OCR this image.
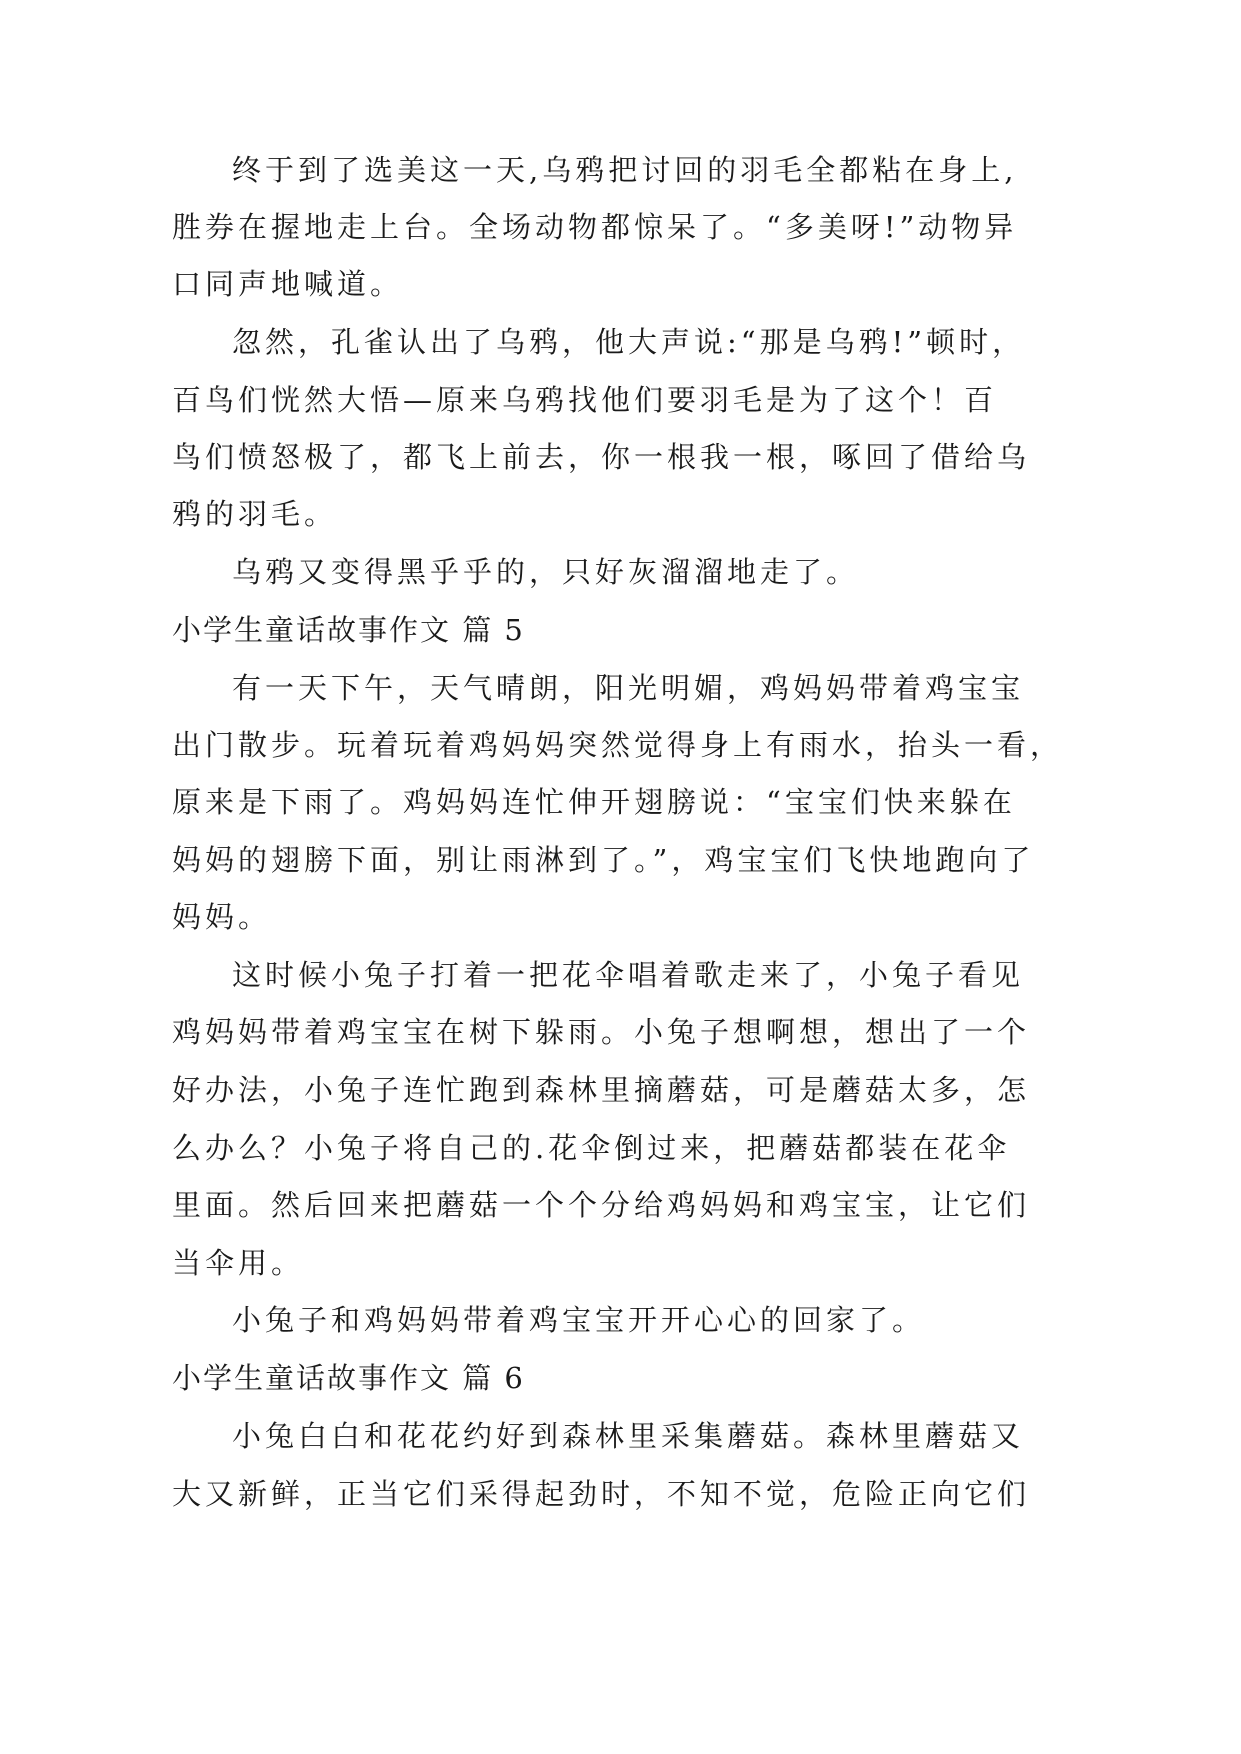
终于到了选美这一天,乌鸦把讨回的羽毛全都粘在身上,
胜券在握地走上台。全场动物都惊呆了。“多美呀!”动物异
口同声地喊道。
忽然，孔雀认出了乌鸦，他大声说:“那是乌鸦!”顿时，
百鸟们恍然大悟—原来乌鸦找他们要羽毛是为了这个！百
鸟们愤怒极了，都飞上前去，你一根我一根，啄回了借给乌
鸦的羽毛。
乌鸦又变得黑乎乎的，只好灰溜溜地走了。
小学生童话故事作文 篇 5
有一天下午，天气晴朗，阳光明媚，鸡妈妈带着鸡宝宝
出门散步。玩着玩着鸡妈妈突然觉得身上有雨水，抬头一看，
原来是下雨了。鸡妈妈连忙伸开翅膀说：“宝宝们快来躲在
妈妈的翅膀下面，别让雨淋到了。”，鸡宝宝们飞快地跑向了
妈妈。
这时候小兔子打着一把花伞唱着歌走来了，小兔子看见
鸡妈妈带着鸡宝宝在树下躲雨。小兔子想啊想，想出了一个
好办法，小兔子连忙跑到森林里摘蘑菇，可是蘑菇太多，怎
么办么？小兔子将自己的.花伞倒过来，把蘑菇都装在花伞
里面。然后回来把蘑菇一个个分给鸡妈妈和鸡宝宝，让它们
当伞用。
小兔子和鸡妈妈带着鸡宝宝开开心心的回家了。
小学生童话故事作文 篇 6
小兔白白和花花约好到森林里采集蘑菇。森林里蘑菇又
大又新鲜，正当它们采得起劲时，不知不觉，危险正向它们
